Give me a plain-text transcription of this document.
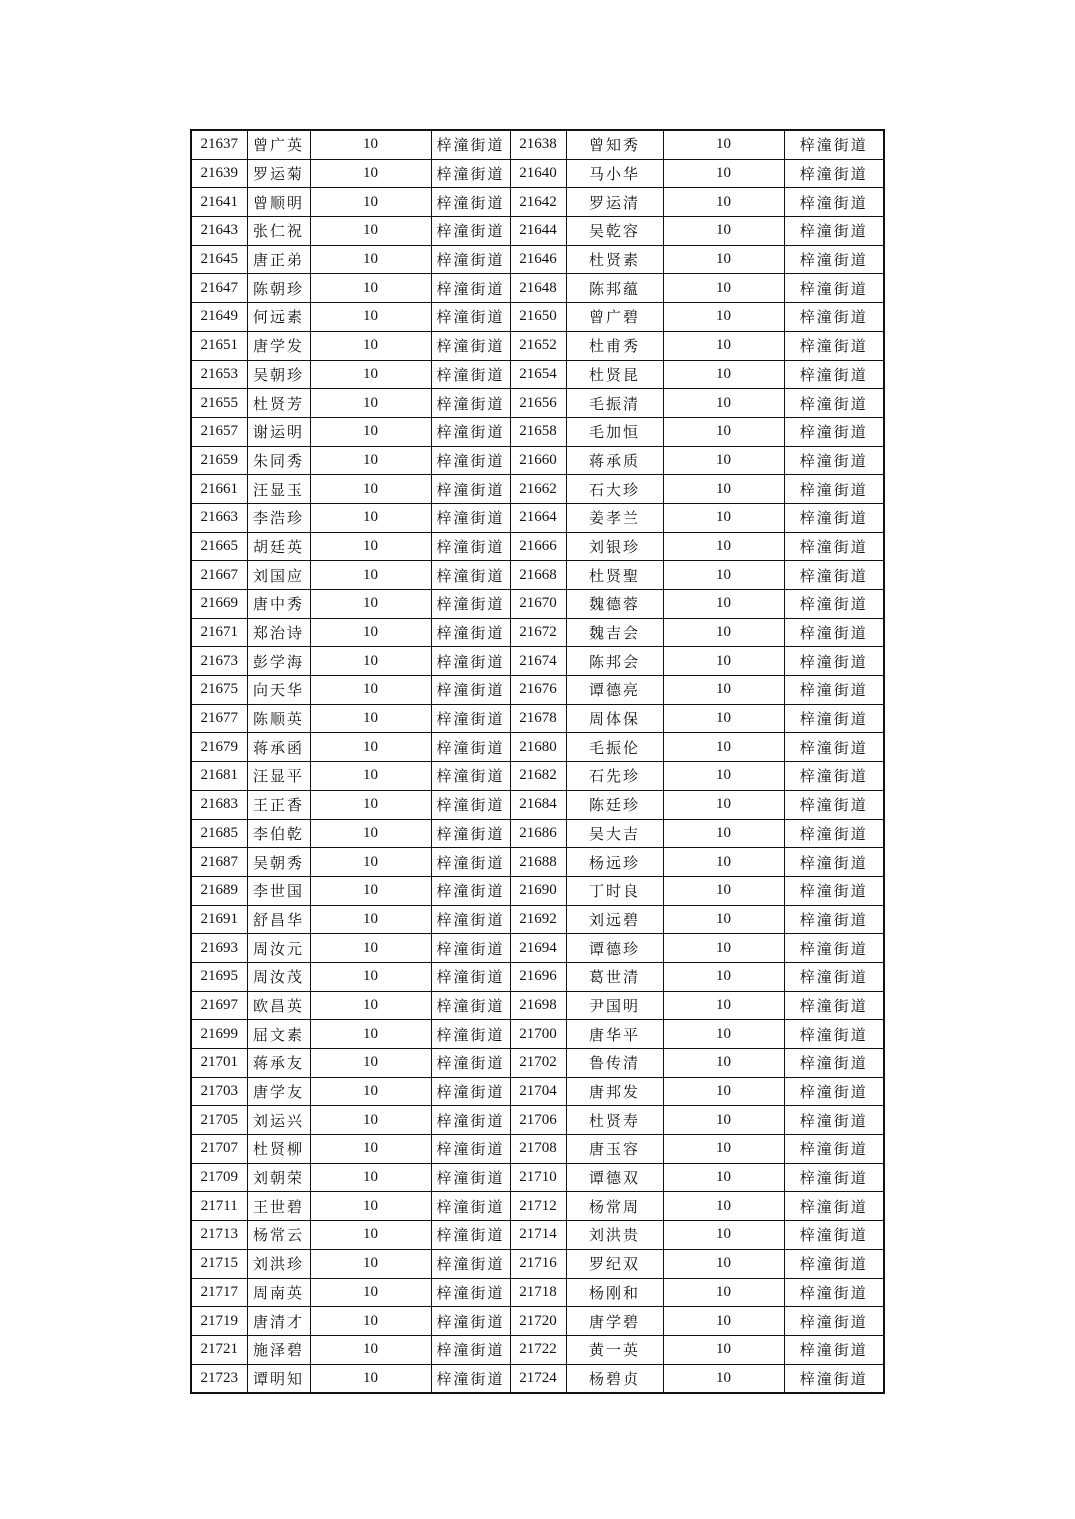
21637	曾广英	10	梓潼街道	21638	曾知秀	10	梓潼街道
21639	罗运菊	10	梓潼街道	21640	马小华	10	梓潼街道
21641	曾顺明	10	梓潼街道	21642	罗运清	10	梓潼街道
21643	张仁祝	10	梓潼街道	21644	吴乾容	10	梓潼街道
21645	唐正弟	10	梓潼街道	21646	杜贤素	10	梓潼街道
21647	陈朝珍	10	梓潼街道	21648	陈邦蕴	10	梓潼街道
21649	何远素	10	梓潼街道	21650	曾广碧	10	梓潼街道
21651	唐学发	10	梓潼街道	21652	杜甫秀	10	梓潼街道
21653	吴朝珍	10	梓潼街道	21654	杜贤昆	10	梓潼街道
21655	杜贤芳	10	梓潼街道	21656	毛振清	10	梓潼街道
21657	谢运明	10	梓潼街道	21658	毛加恒	10	梓潼街道
21659	朱同秀	10	梓潼街道	21660	蒋承质	10	梓潼街道
21661	汪显玉	10	梓潼街道	21662	石大珍	10	梓潼街道
21663	李浩珍	10	梓潼街道	21664	姜孝兰	10	梓潼街道
21665	胡廷英	10	梓潼街道	21666	刘银珍	10	梓潼街道
21667	刘国应	10	梓潼街道	21668	杜贤聖	10	梓潼街道
21669	唐中秀	10	梓潼街道	21670	魏德蓉	10	梓潼街道
21671	郑治诗	10	梓潼街道	21672	魏吉会	10	梓潼街道
21673	彭学海	10	梓潼街道	21674	陈邦会	10	梓潼街道
21675	向天华	10	梓潼街道	21676	谭德亮	10	梓潼街道
21677	陈顺英	10	梓潼街道	21678	周体保	10	梓潼街道
21679	蒋承函	10	梓潼街道	21680	毛振伦	10	梓潼街道
21681	汪显平	10	梓潼街道	21682	石先珍	10	梓潼街道
21683	王正香	10	梓潼街道	21684	陈廷珍	10	梓潼街道
21685	李伯乾	10	梓潼街道	21686	吴大吉	10	梓潼街道
21687	吴朝秀	10	梓潼街道	21688	杨远珍	10	梓潼街道
21689	李世国	10	梓潼街道	21690	丁时良	10	梓潼街道
21691	舒昌华	10	梓潼街道	21692	刘远碧	10	梓潼街道
21693	周汝元	10	梓潼街道	21694	谭德珍	10	梓潼街道
21695	周汝茂	10	梓潼街道	21696	葛世清	10	梓潼街道
21697	欧昌英	10	梓潼街道	21698	尹国明	10	梓潼街道
21699	屈文素	10	梓潼街道	21700	唐华平	10	梓潼街道
21701	蒋承友	10	梓潼街道	21702	鲁传清	10	梓潼街道
21703	唐学友	10	梓潼街道	21704	唐邦发	10	梓潼街道
21705	刘运兴	10	梓潼街道	21706	杜贤寿	10	梓潼街道
21707	杜贤柳	10	梓潼街道	21708	唐玉容	10	梓潼街道
21709	刘朝荣	10	梓潼街道	21710	谭德双	10	梓潼街道
21711	王世碧	10	梓潼街道	21712	杨常周	10	梓潼街道
21713	杨常云	10	梓潼街道	21714	刘洪贵	10	梓潼街道
21715	刘洪珍	10	梓潼街道	21716	罗纪双	10	梓潼街道
21717	周南英	10	梓潼街道	21718	杨刚和	10	梓潼街道
21719	唐清才	10	梓潼街道	21720	唐学碧	10	梓潼街道
21721	施泽碧	10	梓潼街道	21722	黄一英	10	梓潼街道
21723	谭明知	10	梓潼街道	21724	杨碧贞	10	梓潼街道
